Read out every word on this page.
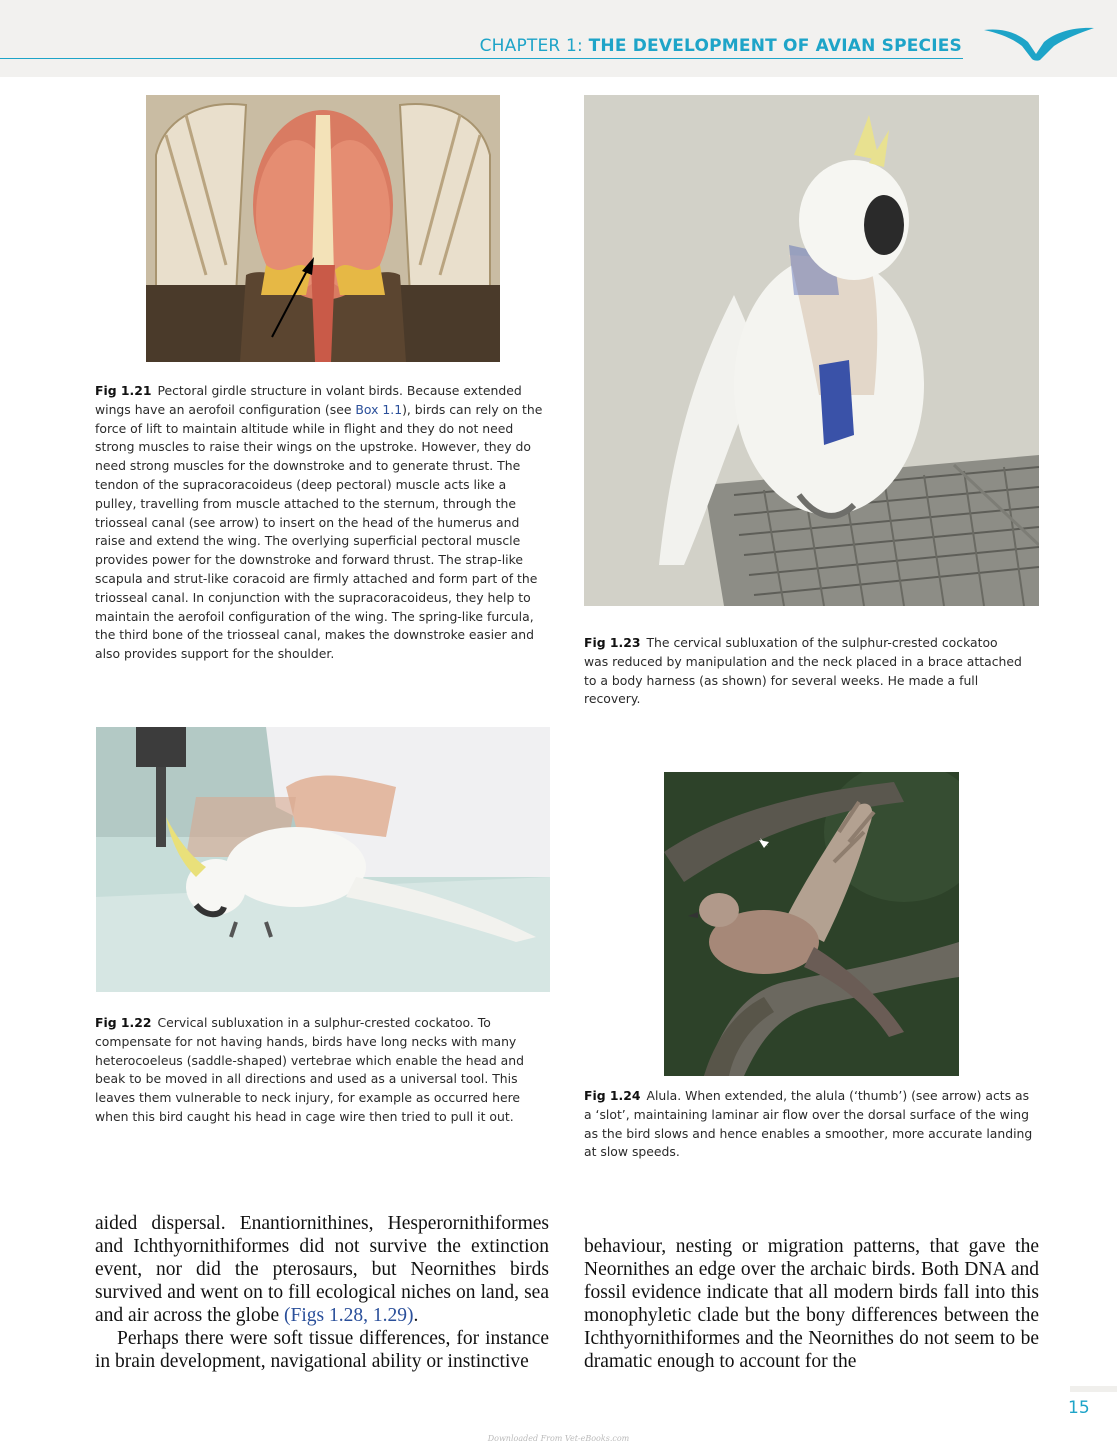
CHAPTER 1: THE DEVELOPMENT OF AVIAN SPECIES
Fig 1.21 Pectoral girdle structure in volant birds. Because extended wings have an aerofoil configuration (see Box 1.1), birds can rely on the force of lift to maintain altitude while in flight and they do not need strong muscles to raise their wings on the upstroke. However, they do need strong muscles for the downstroke and to generate thrust. The tendon of the supracoracoideus (deep pectoral) muscle acts like a pulley, travelling from muscle attached to the sternum, through the triosseal canal (see arrow) to insert on the head of the humerus and raise and extend the wing. The overlying superficial pectoral muscle provides power for the downstroke and forward thrust. The strap-like scapula and strut-like coracoid are firmly attached and form part of the triosseal canal. In conjunction with the supracoracoideus, they help to maintain the aerofoil configuration of the wing. The spring-like furcula, the third bone of the triosseal canal, makes the downstroke easier and also provides support for the shoulder.
Fig 1.23 The cervical subluxation of the sulphur-crested cockatoo was reduced by manipulation and the neck placed in a brace attached to a body harness (as shown) for several weeks. He made a full recovery.
Fig 1.22 Cervical subluxation in a sulphur-crested cockatoo. To compensate for not having hands, birds have long necks with many heterocoeleus (saddle-shaped) vertebrae which enable the head and beak to be moved in all directions and used as a universal tool. This leaves them vulnerable to neck injury, for example as occurred here when this bird caught his head in cage wire then tried to pull it out.
Fig 1.24 Alula. When extended, the alula (‘thumb’) (see arrow) acts as a ‘slot’, maintaining laminar air flow over the dorsal surface of the wing as the bird slows and hence enables a smoother, more accurate landing at slow speeds.

aided dispersal. Enantiornithines, Hesperornithiformes and Ichthyornithiformes did not survive the extinction event, nor did the pterosaurs, but Neornithes birds survived and went on to fill ecological niches on land, sea and air across the globe (Figs 1.28, 1.29).

Perhaps there were soft tissue differences, for instance in brain development, navigational ability or instinctive

behaviour, nesting or migration patterns, that gave the Neornithes an edge over the archaic birds. Both DNA and fossil evidence indicate that all modern birds fall into this monophyletic clade but the bony differences between the Ichthyornithiformes and the Neornithes do not seem to be dramatic enough to account for the

15
Downloaded From Vet-eBooks.com
